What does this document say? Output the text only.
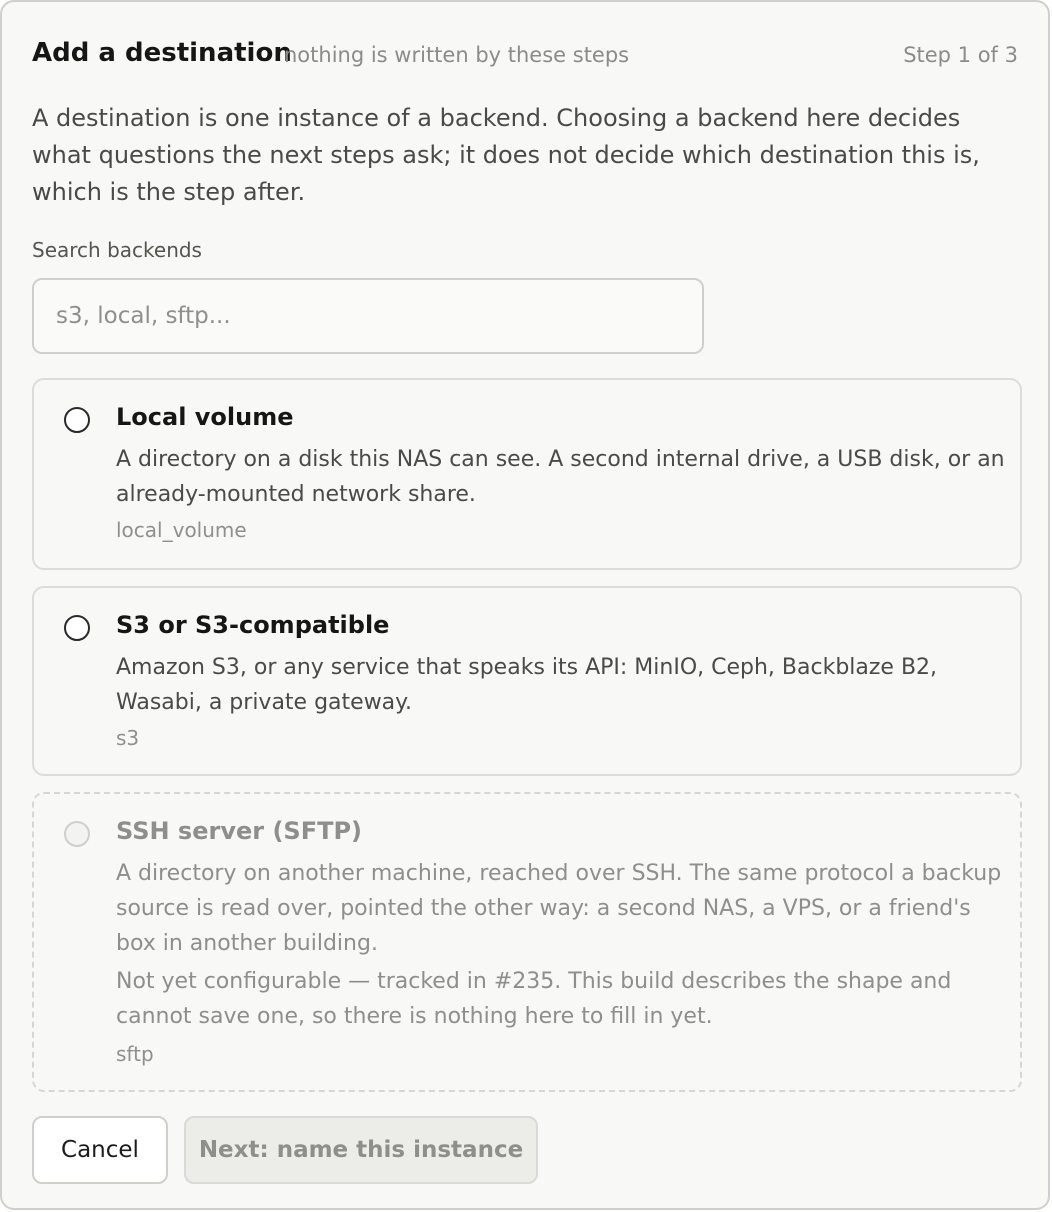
Add a destination
nothing is written by these steps	Step 1 of 3
A destination is one instance of a backend. Choosing a backend here decides what questions the next steps ask; it does not decide which destination this is, which is the step after.
Search backends
s3, local, sftp...
Local volume
A directory on a disk this NAS can see. A second internal drive, a USB disk, or an already-mounted network share.
local_volume
S3 or S3-compatible
Amazon S3, or any service that speaks its API: MinIO, Ceph, Backblaze B2, Wasabi, a private gateway.
s3
SSH server (SFTP)
A directory on another machine, reached over SSH. The same protocol a backup source is read over, pointed the other way: a second NAS, a VPS, or a friend's box in another building.
Not yet configurable — tracked in #235. This build describes the shape and cannot save one, so there is nothing here to fill in yet.
sftp
Cancel	Next: name this instance
